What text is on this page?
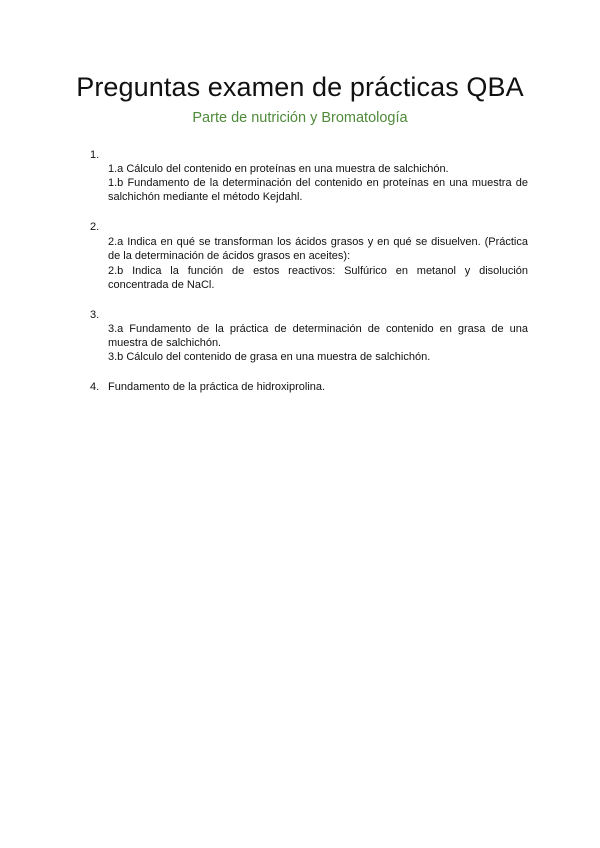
Preguntas examen de prácticas QBA
Parte de nutrición y Bromatología
1.
1.a Cálculo del contenido en proteínas en una muestra de salchichón.
1.b Fundamento de la determinación del contenido en proteínas en una muestra de salchichón mediante el método Kejdahl.
2.
2.a Indica en qué se transforman los ácidos grasos y en qué se disuelven. (Práctica de la determinación de ácidos grasos en aceites):
2.b Indica la función de estos reactivos: Sulfúrico en metanol y disolución concentrada de NaCl.
3.
3.a Fundamento de la práctica de determinación de contenido en grasa de una muestra de salchichón.
3.b Cálculo del contenido de grasa en una muestra de salchichón.
4. Fundamento de la práctica de hidroxiprolina.
